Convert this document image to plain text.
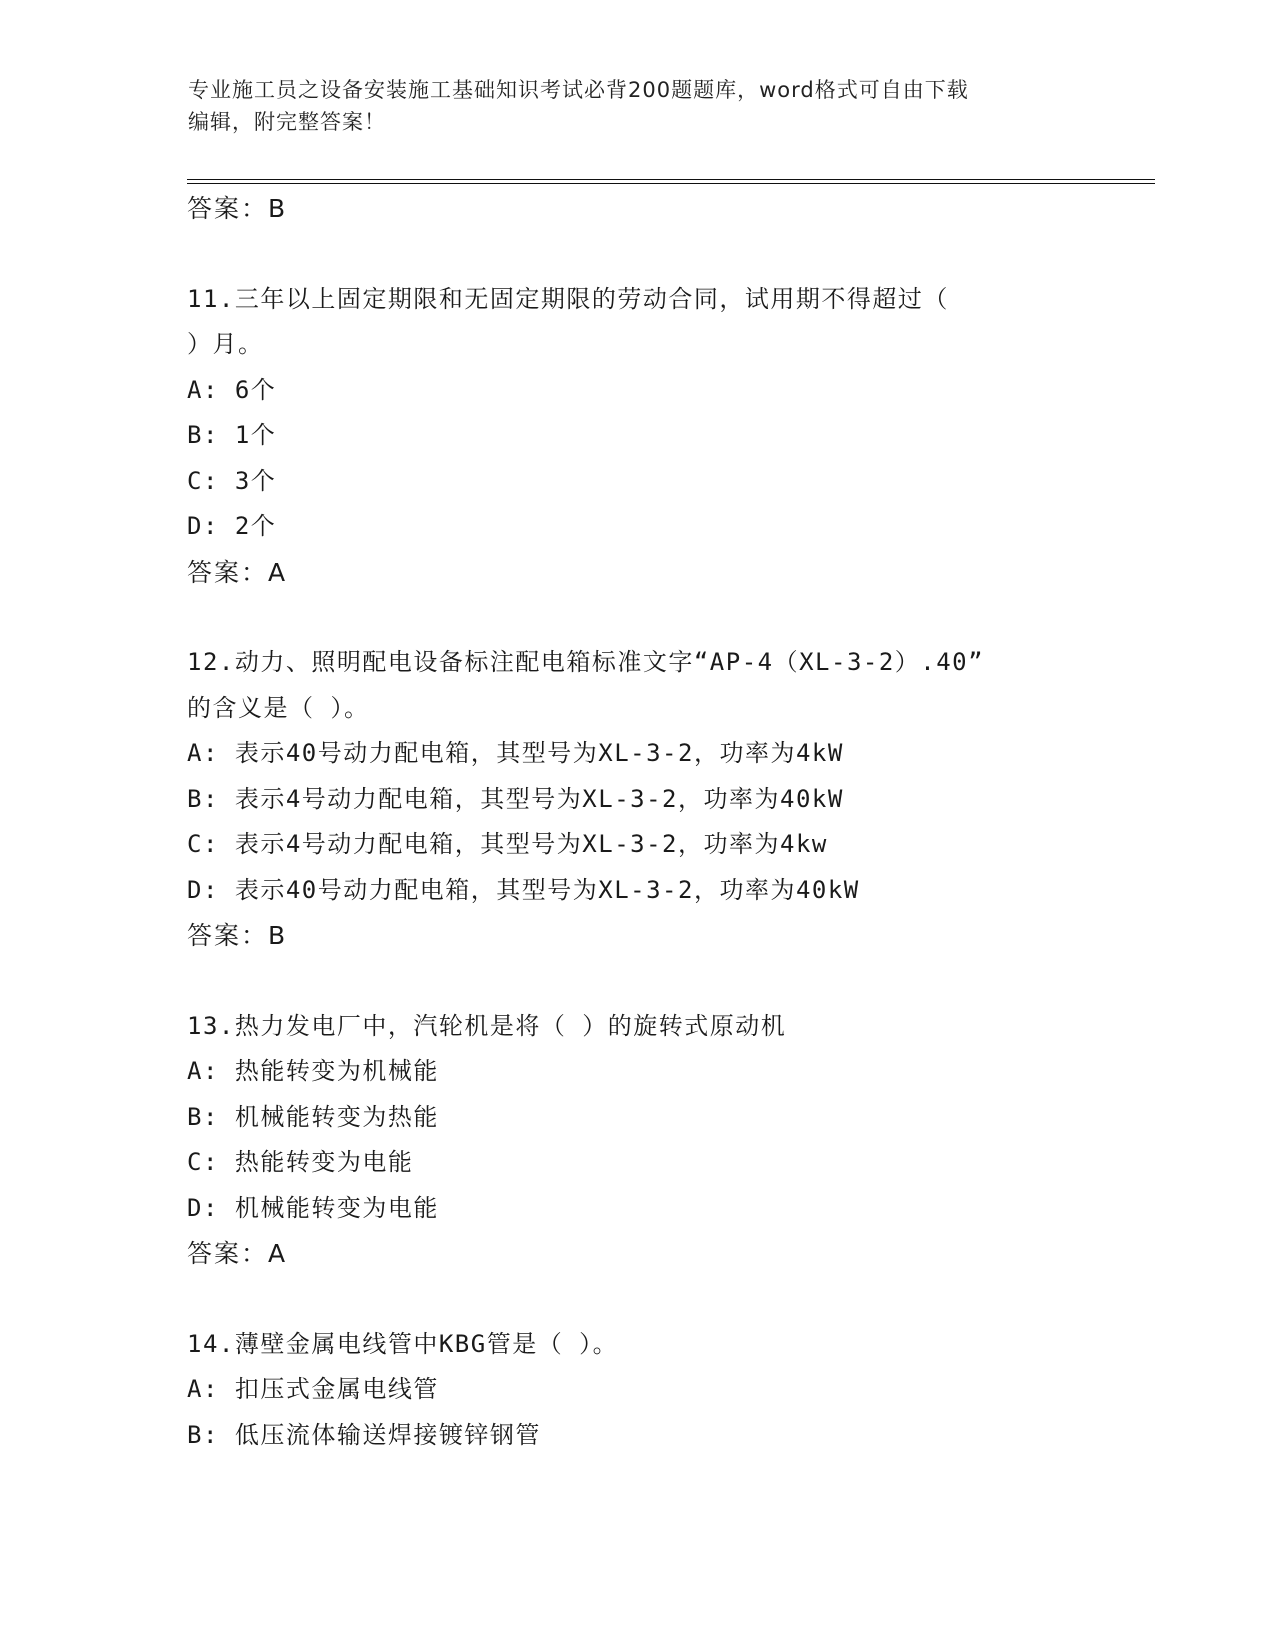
专业施工员之设备安装施工基础知识考试必背200题题库，word格式可自由下载
编辑，附完整答案！
答案：B
11.三年以上固定期限和无固定期限的劳动合同，试用期不得超过（
）月。
A: 6个
B: 1个
C: 3个
D: 2个
答案：A
12.动力、照明配电设备标注配电箱标准文字“AP-4（XL-3-2）.40”
的含义是（ ）。
A: 表示40号动力配电箱，其型号为XL-3-2，功率为4kW
B: 表示4号动力配电箱，其型号为XL-3-2，功率为40kW
C: 表示4号动力配电箱，其型号为XL-3-2，功率为4kw
D: 表示40号动力配电箱，其型号为XL-3-2，功率为40kW
答案：B
13.热力发电厂中，汽轮机是将（ ）的旋转式原动机
A: 热能转变为机械能
B: 机械能转变为热能
C: 热能转变为电能
D: 机械能转变为电能
答案：A
14.薄壁金属电线管中KBG管是（ ）。
A: 扣压式金属电线管
B: 低压流体输送焊接镀锌钢管
